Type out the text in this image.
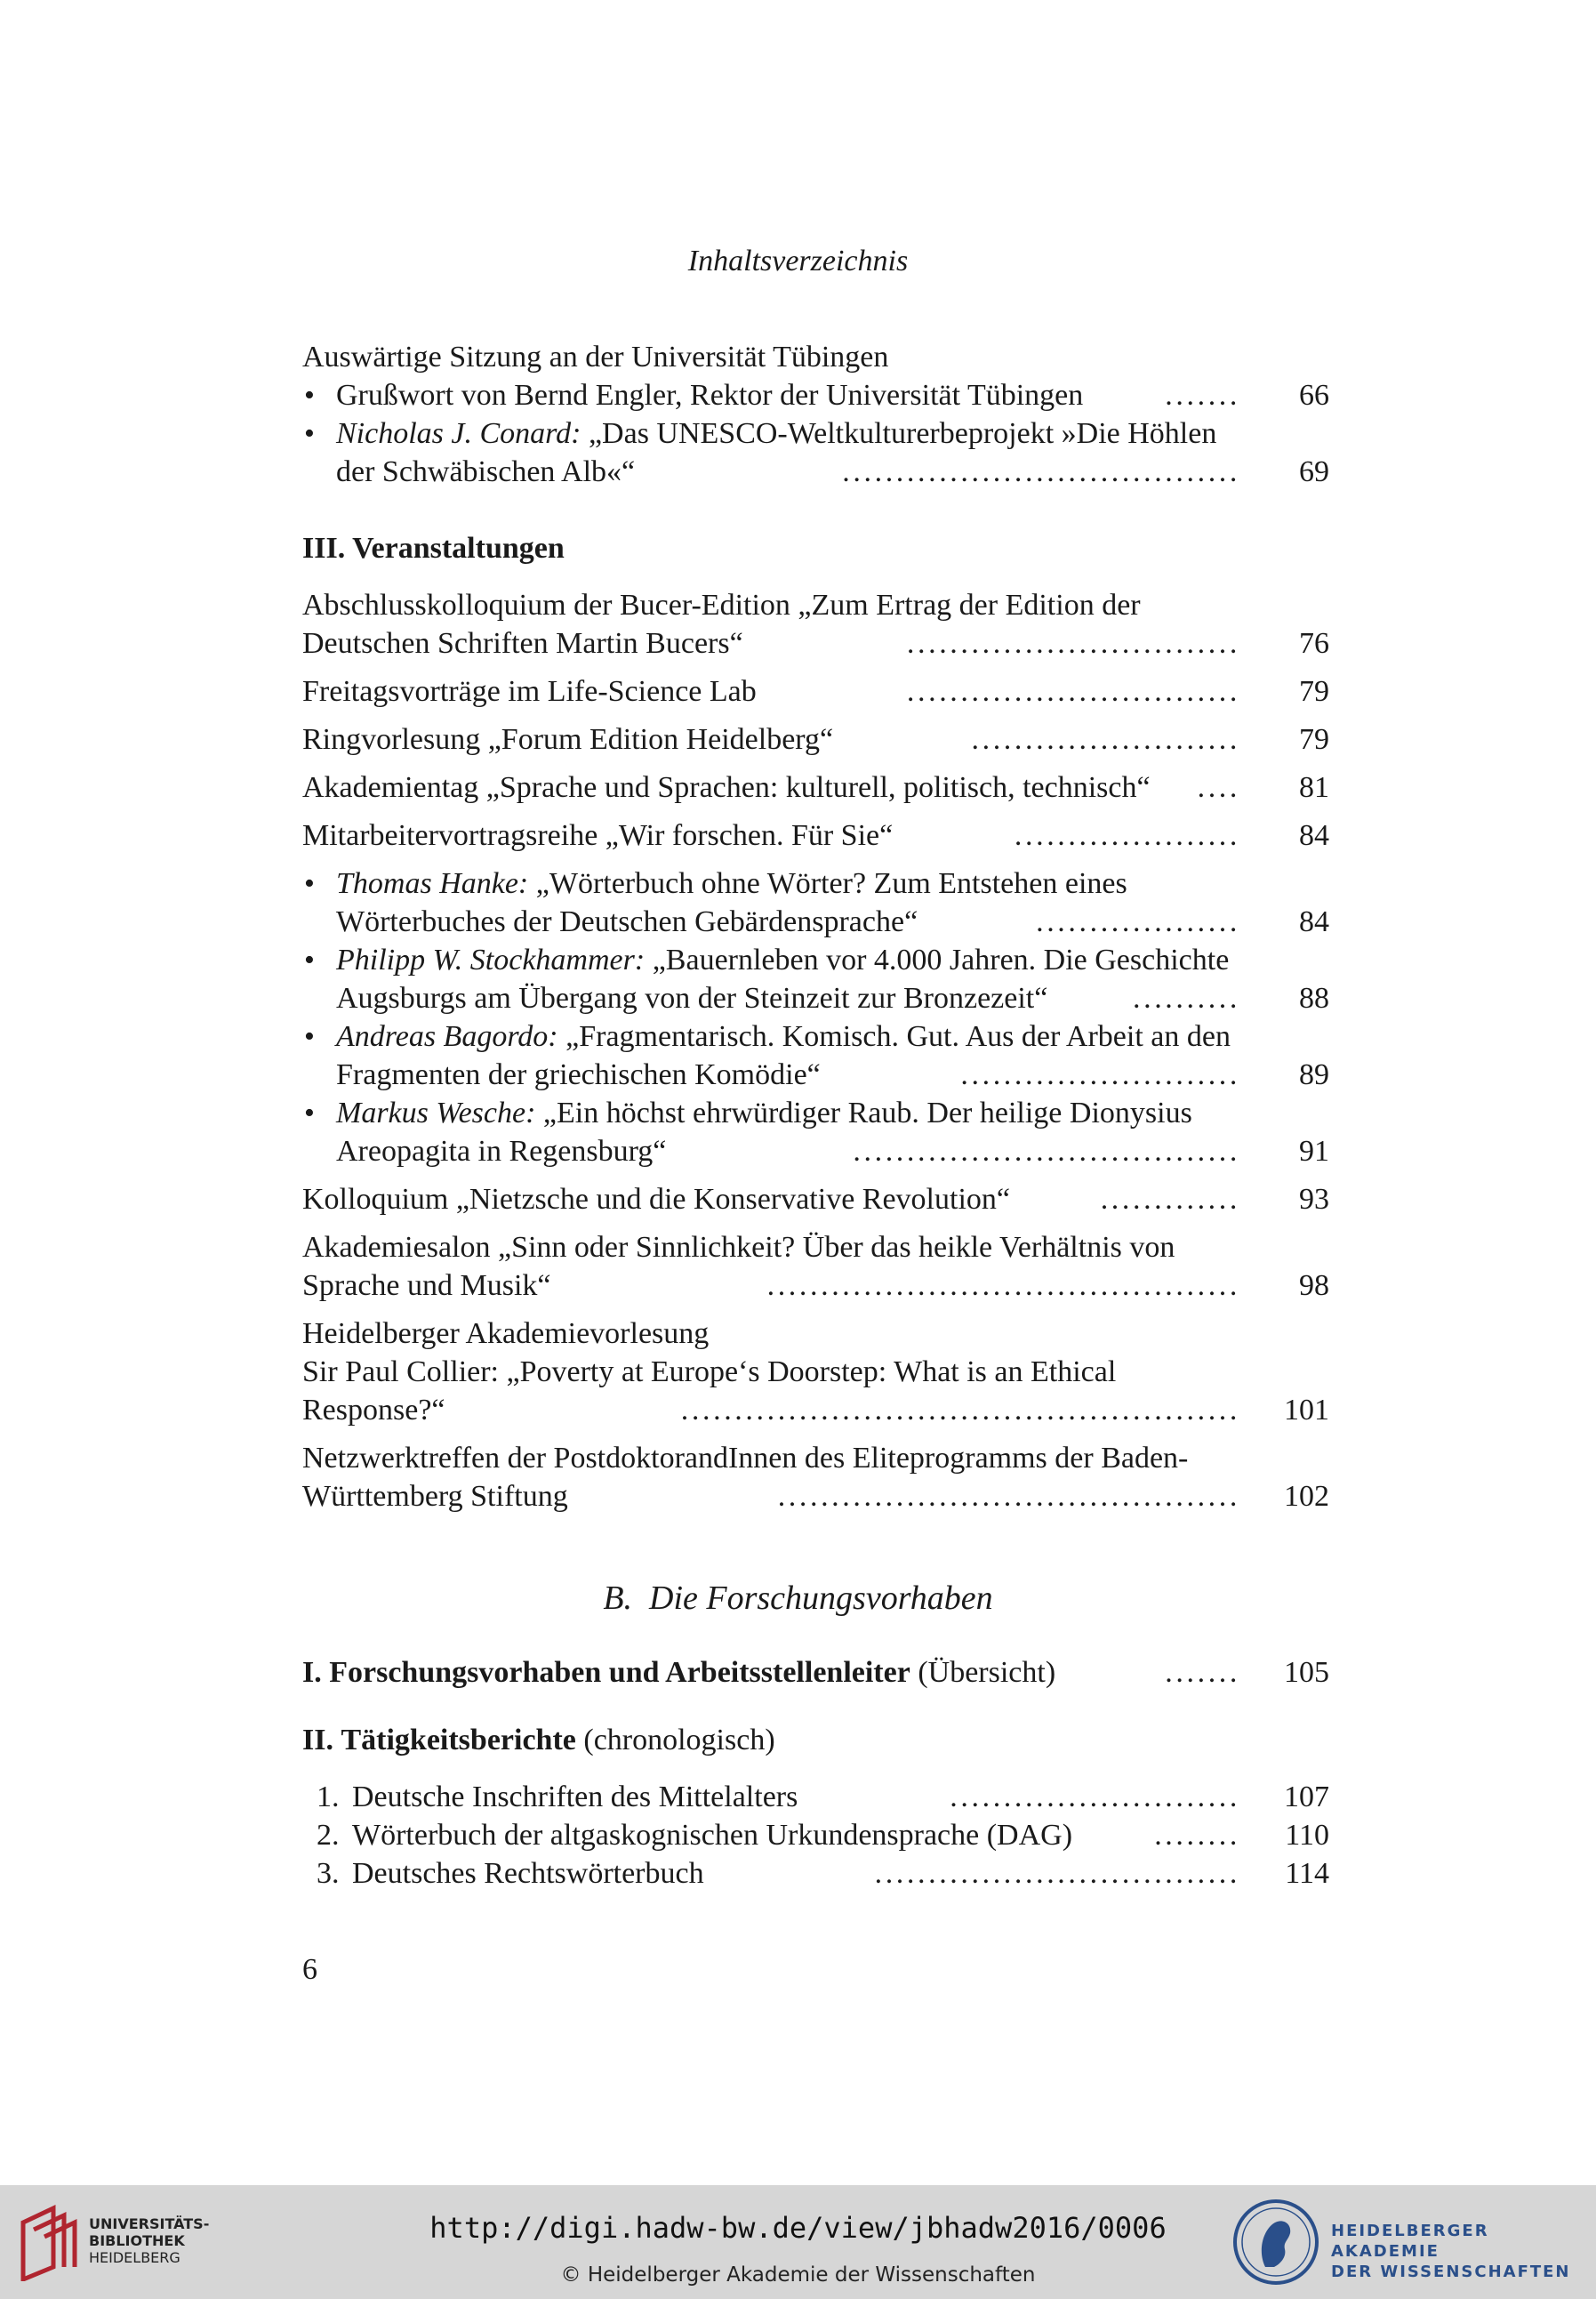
Inhaltsverzeichnis
Auswärtige Sitzung an der Universität Tübingen
• Grußwort von Bernd Engler, Rektor der Universität Tübingen	.......	66
• Nicholas J. Conard: „Das UNESCO-Weltkulturerbeprojekt »Die Höhlen
der Schwäbischen Alb«“	.....................................	69
III. Veranstaltungen
Abschlusskolloquium der Bucer-Edition „Zum Ertrag der Edition der
Deutschen Schriften Martin Bucers“	...............................	76
Freitagsvorträge im Life-Science Lab	...............................	79
Ringvorlesung „Forum Edition Heidelberg“	.........................	79
Akademientag „Sprache und Sprachen: kulturell, politisch, technisch“	....	81
Mitarbeitervortragsreihe „Wir forschen. Für Sie“	.....................	84
• Thomas Hanke: „Wörterbuch ohne Wörter? Zum Entstehen eines
Wörterbuches der Deutschen Gebärdensprache“	...................	84
• Philipp W. Stockhammer: „Bauernleben vor 4.000 Jahren. Die Geschichte
Augsburgs am Übergang von der Steinzeit zur Bronzezeit“	..........	88
• Andreas Bagordo: „Fragmentarisch. Komisch. Gut. Aus der Arbeit an den
Fragmenten der griechischen Komödie“	..........................	89
• Markus Wesche: „Ein höchst ehrwürdiger Raub. Der heilige Dionysius
Areopagita in Regensburg“	....................................	91
Kolloquium „Nietzsche und die Konservative Revolution“	.............	93
Akademiesalon „Sinn oder Sinnlichkeit? Über das heikle Verhältnis von
Sprache und Musik“	............................................	98
Heidelberger Akademievorlesung
Sir Paul Collier: „Poverty at Europe‘s Doorstep: What is an Ethical
Response?“	....................................................	101
Netzwerktreffen der PostdoktorandInnen des Eliteprogramms der Baden-
Württemberg Stiftung	...........................................	102
I. Forschungsvorhaben und Arbeitsstellenleiter (Übersicht)	.......	105
II. Tätigkeitsberichte (chronologisch)
1. Deutsche Inschriften des Mittelalters	...........................	107
2. Wörterbuch der altgaskognischen Urkundensprache (DAG)	........	110
3. Deutsches Rechtswörterbuch	..................................	114
B. Die Forschungsvorhaben
6
UNIVERSITÄTS-
BIBLIOTHEK
HEIDELBERG
http://digi.hadw-bw.de/view/jbhadw2016/0006
© Heidelberger Akademie der Wissenschaften
HEIDELBERGER AKADEMIE
DER WISSENSCHAFTEN
